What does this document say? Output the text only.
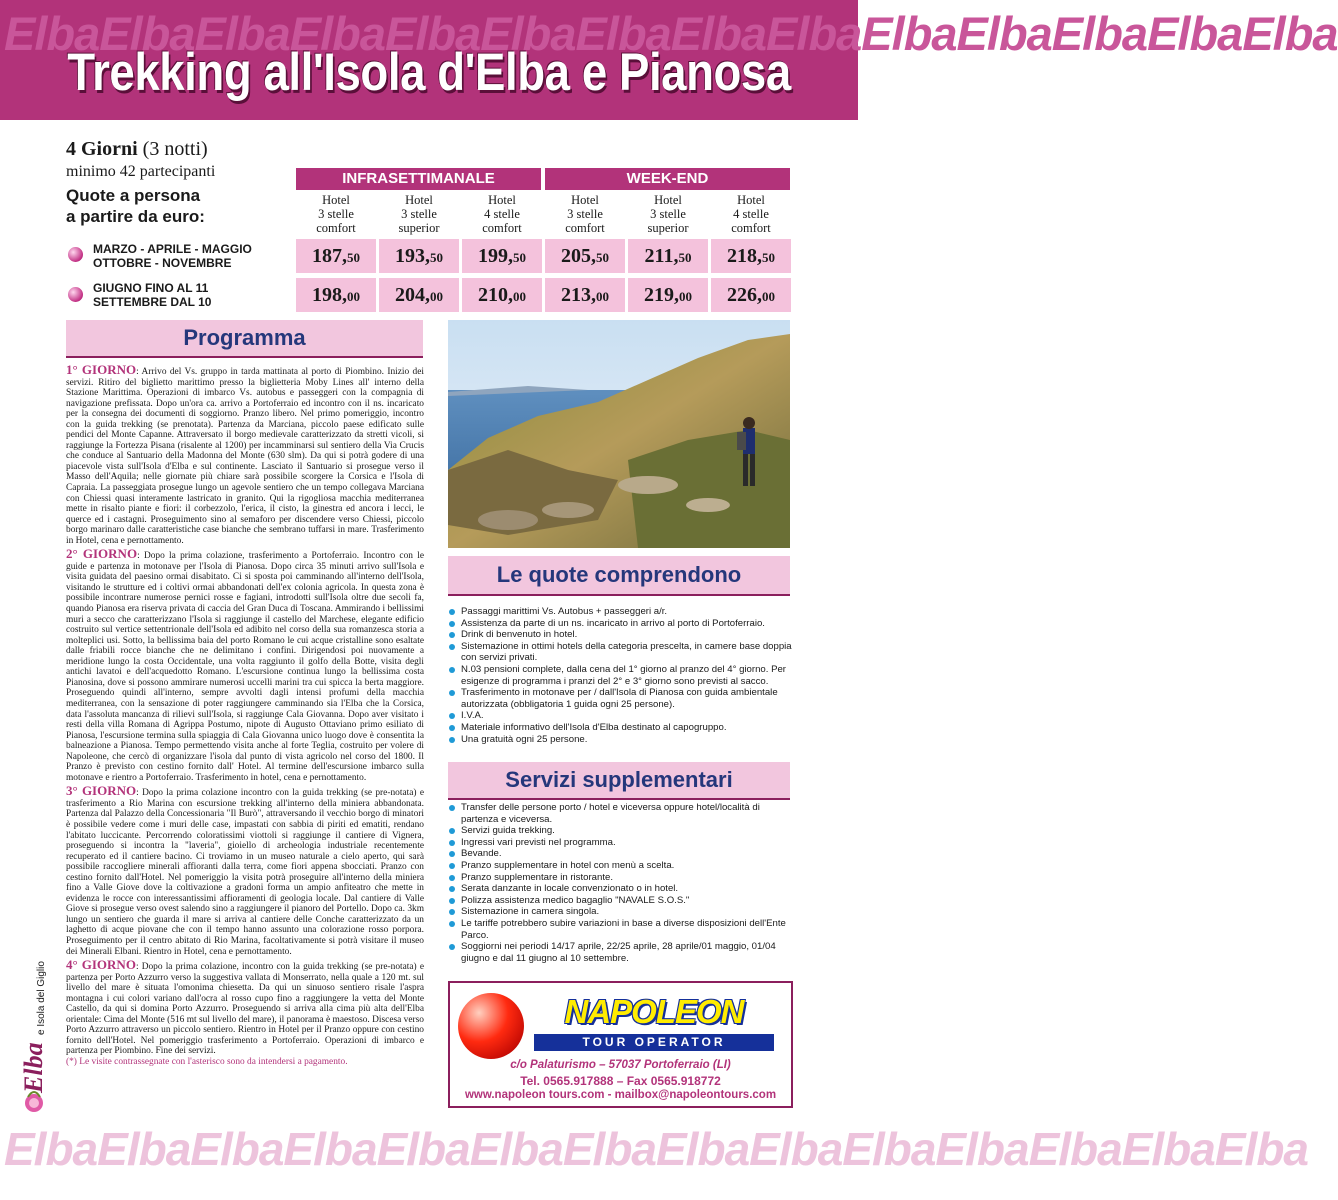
ElbaElbaElbaElbaElbaElbaElbaElbaElbaElbaElbaElbaElbaElba
Trekking all'Isola d'Elba e Pianosa
4 Giorni (3 notti)
minimo 42 partecipanti
Quote a persona
a partire da euro:
INFRASETTIMANALE	WEEK-END
Hotel
3 stelle
comfort
Hotel
3 stelle
superior
Hotel
4 stelle
comfort
Hotel
3 stelle
comfort
Hotel
3 stelle
superior
Hotel
4 stelle
comfort
MARZO - APRILE - MAGGIO
OTTOBRE - NOVEMBRE	187,50	193,50	199,50	205,50	211,50	218,50
GIUGNO FINO AL 11
SETTEMBRE DAL 10	198,00	204,00	210,00	213,00	219,00	226,00
Programma

1° GIORNO: Arrivo del Vs. gruppo in tarda mattinata al porto di Piombino. Inizio dei servizi. Ritiro del biglietto marittimo presso la biglietteria Moby Lines all' interno della Stazione Marittima. Operazioni di imbarco Vs. autobus e passeggeri con la compagnia di navigazione prefissata. Dopo un'ora ca. arrivo a Portoferraio ed incontro con il ns. incaricato per la consegna dei documenti di soggiorno. Pranzo libero. Nel primo pomeriggio, incontro con la guida trekking (se prenotata). Partenza da Marciana, piccolo paese edificato sulle pendici del Monte Capanne. Attraversato il borgo medievale caratterizzato da stretti vicoli, si raggiunge la Fortezza Pisana (risalente al 1200) per incamminarsi sul sentiero della Via Crucis che conduce al Santuario della Madonna del Monte (630 slm). Da qui si potrà godere di una piacevole vista sull'Isola d'Elba e sul continente. Lasciato il Santuario si prosegue verso il Masso dell'Aquila; nelle giornate più chiare sarà possibile scorgere la Corsica e l'Isola di Capraia. La passeggiata prosegue lungo un agevole sentiero che un tempo collegava Marciana con Chiessi quasi interamente lastricato in granito. Qui la rigogliosa macchia mediterranea mette in risalto piante e fiori: il corbezzolo, l'erica, il cisto, la ginestra ed ancora i lecci, le querce ed i castagni. Proseguimento sino al semaforo per discendere verso Chiessi, piccolo borgo marinaro dalle caratteristiche case bianche che sembrano tuffarsi in mare. Trasferimento in Hotel, cena e pernottamento.

2° GIORNO: Dopo la prima colazione, trasferimento a Portoferraio. Incontro con le guide e partenza in motonave per l'Isola di Pianosa. Dopo circa 35 minuti arrivo sull'Isola e visita guidata del paesino ormai disabitato. Ci si sposta poi camminando all'interno dell'Isola, visitando le strutture ed i coltivi ormai abbandonati dell'ex colonia agricola. In questa zona è possibile incontrare numerose pernici rosse e fagiani, introdotti sull'Isola oltre due secoli fa, quando Pianosa era riserva privata di caccia del Gran Duca di Toscana. Ammirando i bellissimi muri a secco che caratterizzano l'Isola si raggiunge il castello del Marchese, elegante edificio costruito sul vertice settentrionale dell'Isola ed adibito nel corso della sua romanzesca storia a molteplici usi. Sotto, la bellissima baia del porto Romano le cui acque cristalline sono esaltate dalle friabili rocce bianche che ne delimitano i confini. Dirigendosi poi nuovamente a meridione lungo la costa Occidentale, una volta raggiunto il golfo della Botte, visita degli antichi lavatoi e dell'acquedotto Romano. L'escursione continua lungo la bellissima costa Pianosina, dove si possono ammirare numerosi uccelli marini tra cui spicca la berta maggiore. Proseguendo quindi all'interno, sempre avvolti dagli intensi profumi della macchia mediterranea, con la sensazione di poter raggiungere camminando sia l'Elba che la Corsica, data l'assoluta mancanza di rilievi sull'Isola, si raggiunge Cala Giovanna. Dopo aver visitato i resti della villa Romana di Agrippa Postumo, nipote di Augusto Ottaviano primo esiliato di Pianosa, l'escursione termina sulla spiaggia di Cala Giovanna unico luogo dove è consentita la balneazione a Pianosa. Tempo permettendo visita anche al forte Teglia, costruito per volere di Napoleone, che cercò di organizzare l'isola dal punto di vista agricolo nel corso del 1800. Il Pranzo è previsto con cestino fornito dall' Hotel. Al termine dell'escursione imbarco sulla motonave e rientro a Portoferraio. Trasferimento in hotel, cena e pernottamento.

3° GIORNO: Dopo la prima colazione incontro con la guida trekking (se pre-notata) e trasferimento a Rio Marina con escursione trekking all'interno della miniera abbandonata. Partenza dal Palazzo della Concessionaria "Il Burò", attraversando il vecchio borgo di minatori è possibile vedere come i muri delle case, impastati con sabbia di piriti ed ematiti, rendano l'abitato luccicante. Percorrendo coloratissimi viottoli si raggiunge il cantiere di Vignera, proseguendo si incontra la "laveria", gioiello di archeologia industriale recentemente recuperato ed il cantiere bacino. Ci troviamo in un museo naturale a cielo aperto, qui sarà possibile raccogliere minerali affioranti dalla terra, come fiori appena sbocciati. Pranzo con cestino fornito dall'Hotel. Nel pomeriggio la visita potrà proseguire all'interno della miniera fino a Valle Giove dove la coltivazione a gradoni forma un ampio anfiteatro che mette in evidenza le rocce con interessantissimi affioramenti di geologia locale. Dal cantiere di Valle Giove si prosegue verso ovest salendo sino a raggiungere il pianoro del Portello. Dopo ca. 3km lungo un sentiero che guarda il mare si arriva al cantiere delle Conche caratterizzato da un laghetto di acque piovane che con il tempo hanno assunto una colorazione rosso porpora. Proseguimento per il centro abitato di Rio Marina, facoltativamente si potrà visitare il museo dei Minerali Elbani. Rientro in Hotel, cena e pernottamento.

4° GIORNO: Dopo la prima colazione, incontro con la guida trekking (se pre-notata) e partenza per Porto Azzurro verso la suggestiva vallata di Monserrato, nella quale a 120 mt. sul livello del mare è situata l'omonima chiesetta. Da qui un sinuoso sentiero risale l'aspra montagna i cui colori variano dall'ocra al rosso cupo fino a raggiungere la vetta del Monte Castello, da qui si domina Porto Azzurro. Proseguendo si arriva alla cima più alta dell'Elba orientale: Cima del Monte (516 mt sul livello del mare), il panorama è maestoso. Discesa verso Porto Azzurro attraverso un piccolo sentiero. Rientro in Hotel per il Pranzo oppure con cestino fornito dell'Hotel. Nel pomeriggio trasferimento a Portoferraio. Operazioni di imbarco e partenza per Piombino. Fine dei servizi.
(*) Le visite contrassegnate con l'asterisco sono da intendersi a pagamento.

Le quote comprendono
Passaggi marittimi Vs. Autobus + passeggeri a/r.
Assistenza da parte di un ns. incaricato in arrivo al porto di Portoferraio.
Drink di benvenuto in hotel.
Sistemazione in ottimi hotels della categoria prescelta, in camere base doppia con servizi privati.
N.03 pensioni complete, dalla cena del 1° giorno al pranzo del 4° giorno. Per esigenze di programma i pranzi del 2° e 3° giorno sono previsti al sacco.
Trasferimento in motonave per / dall'Isola di Pianosa con guida ambientale autorizzata (obbligatoria 1 guida ogni 25 persone).
I.V.A.
Materiale informativo dell'Isola d'Elba destinato al capogruppo.
Una gratuità ogni 25 persone.
Servizi supplementari
Transfer delle persone porto / hotel e viceversa oppure hotel/località di partenza e viceversa.
Servizi guida trekking.
Ingressi vari previsti nel programma.
Bevande.
Pranzo supplementare in hotel con menù a scelta.
Pranzo supplementare in ristorante.
Serata danzante in locale convenzionato o in hotel.
Polizza assistenza medico bagaglio "NAVALE S.O.S."
Sistemazione in camera singola.
Le tariffe potrebbero subire variazioni in base a diverse disposizioni dell'Ente Parco.
Soggiorni nei periodi 14/17 aprile, 22/25 aprile, 28 aprile/01 maggio, 01/04 giugno e dal 11 giugno al 10 settembre.
NAPOLEON
TOUR OPERATOR
c/o Palaturismo – 57037 Portoferraio (LI)
Tel. 0565.917888 – Fax 0565.918772
www.napoleon tours.com - mailbox@napoleontours.com
Elba
e Isola del Giglio
ElbaElbaElbaElbaElbaElbaElbaElbaElbaElbaElbaElbaElbaElba
